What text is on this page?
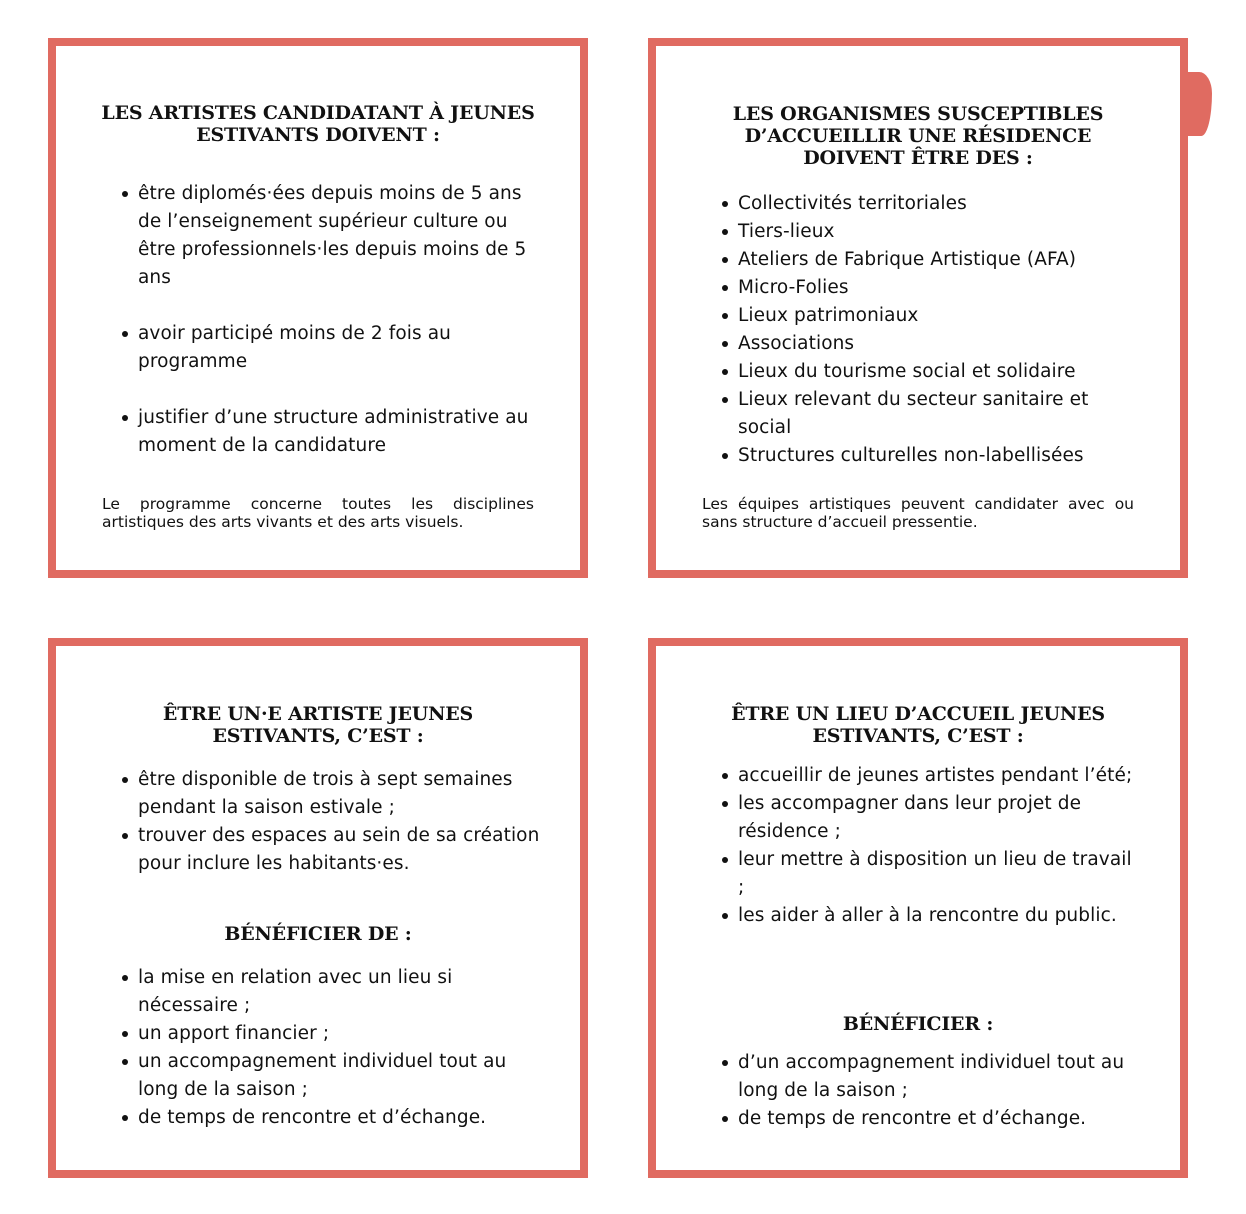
LES ARTISTES CANDIDATANT À JEUNES ESTIVANTS DOIVENT :
être diplomés·ées depuis moins de 5 ans de l’enseignement supérieur culture ou être professionnels·les depuis moins de 5 ans
avoir participé moins de 2 fois au programme
justifier d’une structure administrative au moment de la candidature

Le programme concerne toutes les disciplines artistiques des arts vivants et des arts visuels.

LES ORGANISMES SUSCEPTIBLES D’ACCUEILLIR UNE RÉSIDENCE DOIVENT ÊTRE DES :
Collectivités territoriales
Tiers-lieux
Ateliers de Fabrique Artistique (AFA)
Micro-Folies
Lieux patrimoniaux
Associations
Lieux du tourisme social et solidaire
Lieux relevant du secteur sanitaire et social
Structures culturelles non-labellisées

Les équipes artistiques peuvent candidater avec ou sans structure d’accueil pressentie.

ÊTRE UN·E ARTISTE JEUNES ESTIVANTS, C’EST :
être disponible de trois à sept semaines pendant la saison estivale ;
trouver des espaces au sein de sa création pour inclure les habitants·es.
BÉNÉFICIER DE :
la mise en relation avec un lieu si nécessaire ;
un apport financier ;
un accompagnement individuel tout au long de la saison ;
de temps de rencontre et d’échange.
ÊTRE UN LIEU D’ACCUEIL JEUNES ESTIVANTS, C’EST :
accueillir de jeunes artistes pendant l’été;
les accompagner dans leur projet de résidence ;
leur mettre à disposition un lieu de travail ;
les aider à aller à la rencontre du public.
BÉNÉFICIER :
d’un accompagnement individuel tout au long de la saison ;
de temps de rencontre et d’échange.
